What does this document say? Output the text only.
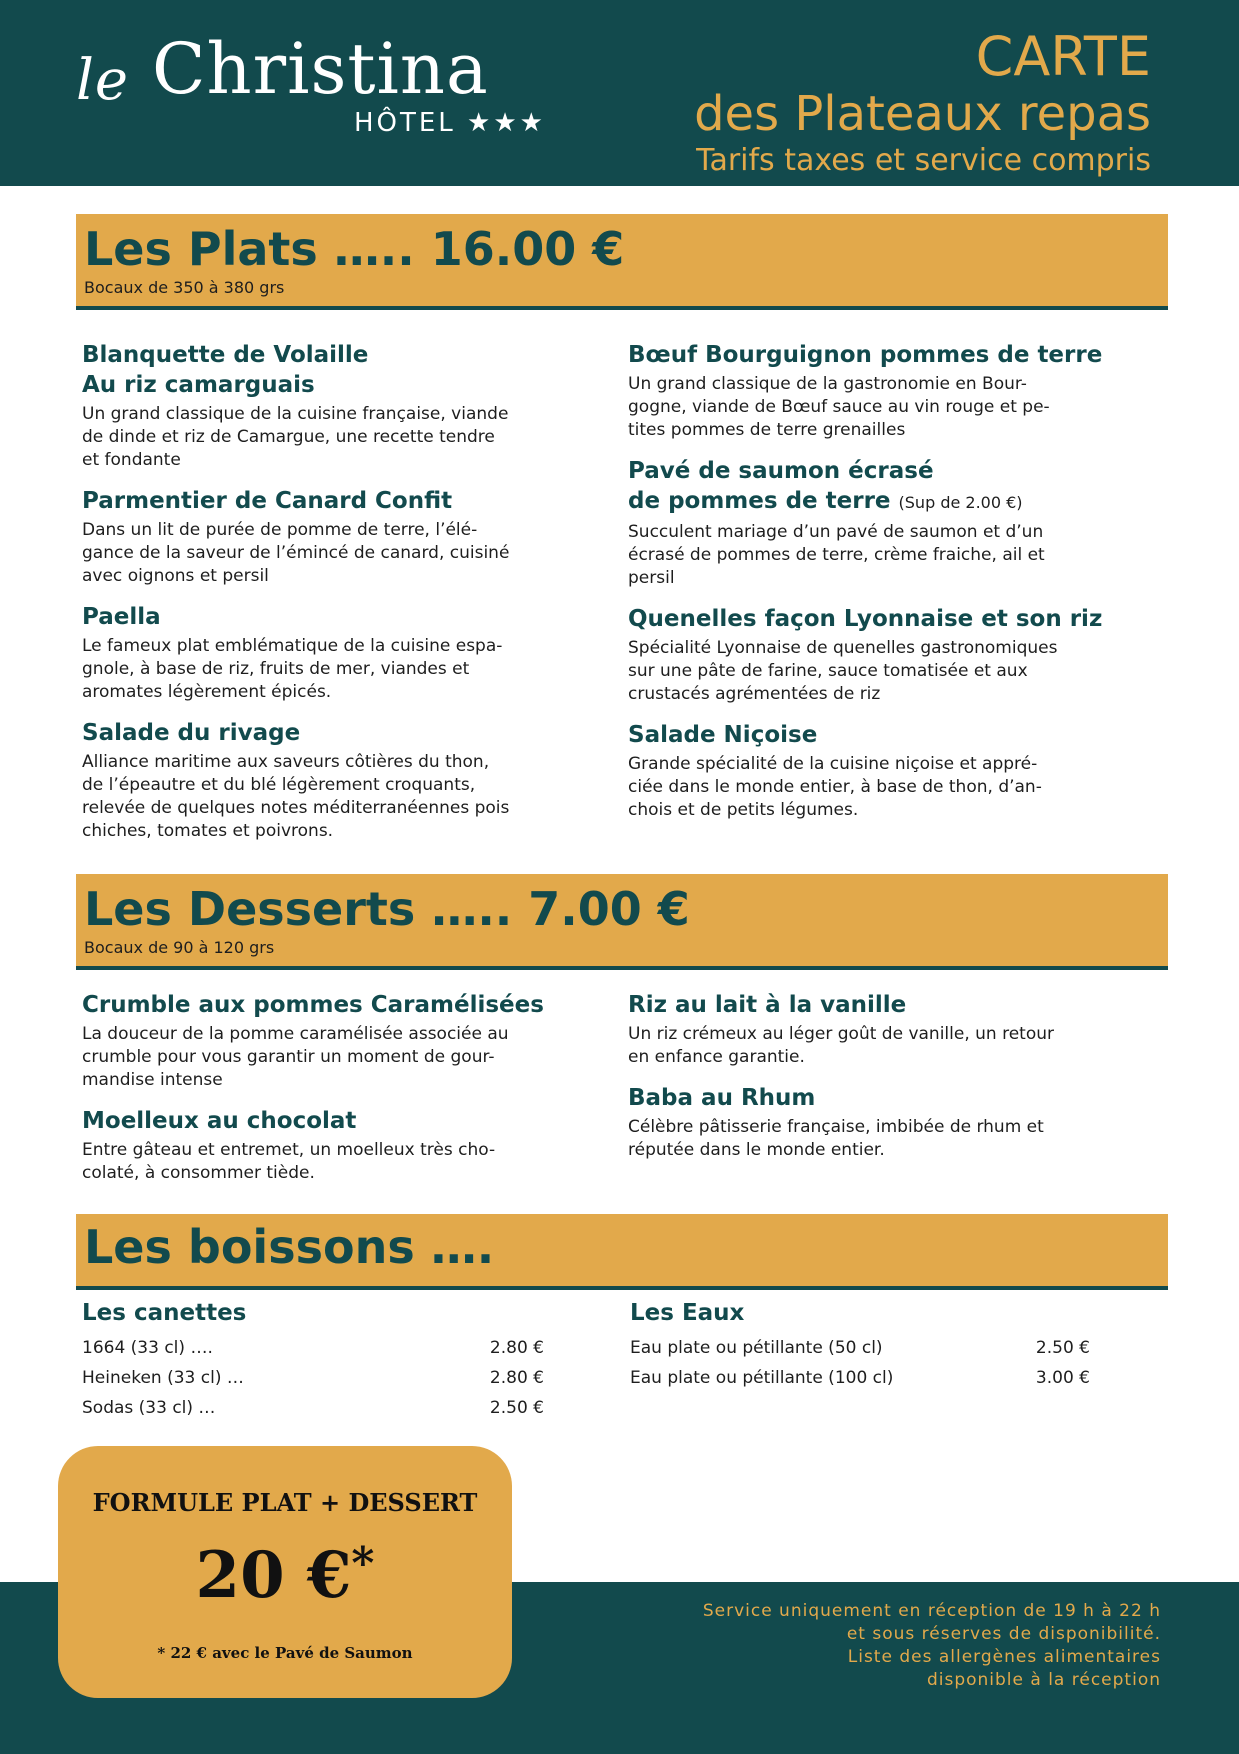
le Christina
HÔTEL ★★★
CARTE
des Plateaux repas
Tarifs taxes et service compris
Les Plats ….. 16.00 €
Bocaux de 350 à 380 grs
Blanquette de Volaille
Au riz camarguais
Un grand classique de la cuisine française, viande
de dinde et riz de Camargue, une recette tendre
et fondante
Parmentier de Canard Confit
Dans un lit de purée de pomme de terre, l’élé-
gance de la saveur de l’émincé de canard, cuisiné
avec oignons et persil
Paella
Le fameux plat emblématique de la cuisine espa-
gnole, à base de riz, fruits de mer, viandes et
aromates légèrement épicés.
Salade du rivage
Alliance maritime aux saveurs côtières du thon,
de l’épeautre et du blé légèrement croquants,
relevée de quelques notes méditerranéennes pois
chiches, tomates et poivrons.
Bœuf Bourguignon pommes de terre
Un grand classique de la gastronomie en Bour-
gogne, viande de Bœuf sauce au vin rouge et pe-
tites pommes de terre grenailles
Pavé de saumon écrasé
de pommes de terre (Sup de 2.00 €)
Succulent mariage d’un pavé de saumon et d’un
écrasé de pommes de terre, crème fraiche, ail et
persil
Quenelles façon Lyonnaise et son riz
Spécialité Lyonnaise de quenelles gastronomiques
sur une pâte de farine, sauce tomatisée et aux
crustacés agrémentées de riz
Salade Niçoise
Grande spécialité de la cuisine niçoise et appré-
ciée dans le monde entier, à base de thon, d’an-
chois et de petits légumes.
Les Desserts ….. 7.00 €
Bocaux de 90 à 120 grs
Crumble aux pommes Caramélisées
La douceur de la pomme caramélisée associée au
crumble pour vous garantir un moment de gour-
mandise intense
Moelleux au chocolat
Entre gâteau et entremet, un moelleux très cho-
colaté, à consommer tiède.
Riz au lait à la vanille
Un riz crémeux au léger goût de vanille, un retour
en enfance garantie.
Baba au Rhum
Célèbre pâtisserie française, imbibée de rhum et
réputée dans le monde entier.
Les boissons ….
Les canettes
1664 (33 cl) ….	2.80 €
Heineken (33 cl) …	2.80 €
Sodas (33 cl) …	2.50 €
Les Eaux
Eau plate ou pétillante (50 cl)	2.50 €
Eau plate ou pétillante (100 cl)	3.00 €
Service uniquement en réception de 19 h à 22 h
et sous réserves de disponibilité.
Liste des allergènes alimentaires
disponible à la réception
FORMULE PLAT + DESSERT
20 €*
* 22 € avec le Pavé de Saumon
